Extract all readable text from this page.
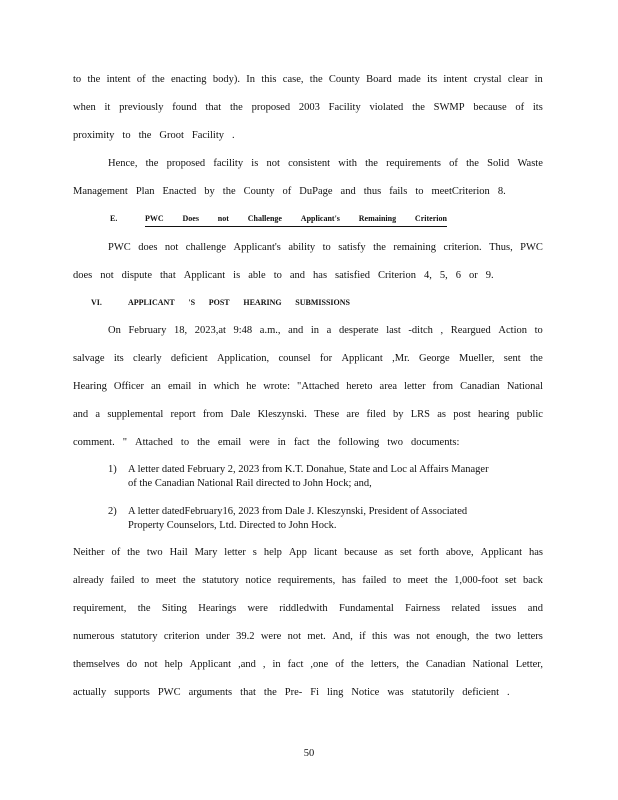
to the intent of the enacting body). In this case, the County Board made its intent crystal clear in
when it previously found that the proposed 2003 Facility violated the SWMP because of its
proximity to the Groot Facility .
Hence, the proposed facility is not consistent with the requirements of the Solid Waste
Management Plan Enacted by the County of DuPage and thus fails to meetCriterion 8.
E.	PWC Does not Challenge Applicant's Remaining Criterion
PWC does not challenge Applicant's ability to satisfy the remaining criterion. Thus, PWC
does not dispute that Applicant is able to and has satisfied Criterion 4, 5, 6 or 9.
VI.	APPLICANT 'S POST HEARING SUBMISSIONS
On February 18, 2023,at 9:48 a.m., and in a desperate last -ditch , Reargued Action to
salvage its clearly deficient Application, counsel for Applicant ,Mr. George Mueller, sent the
Hearing Officer an email in which he wrote: "Attached hereto area letter from Canadian National
and a supplemental report from Dale Kleszynski. These are filed by LRS as post hearing public
comment. " Attached to the email were in fact the following two documents:
1) A letter dated February 2, 2023 from K.T. Donahue, State and Loc al Affairs Manager
of the Canadian National Rail directed to John Hock; and,
2) A letter datedFebruary16, 2023 from Dale J. Kleszynski, President of Associated
Property Counselors, Ltd. Directed to John Hock.
Neither of the two Hail Mary letter s help App licant because as set forth above, Applicant has
already failed to meet the statutory notice requirements, has failed to meet the 1,000-foot set back
requirement, the Siting Hearings were riddledwith Fundamental Fairness related issues and
numerous statutory criterion under 39.2 were not met. And, if this was not enough, the two letters
themselves do not help Applicant ,and , in fact ,one of the letters, the Canadian National Letter,
actually supports PWC arguments that the Pre- Fi ling Notice was statutorily deficient .
50
